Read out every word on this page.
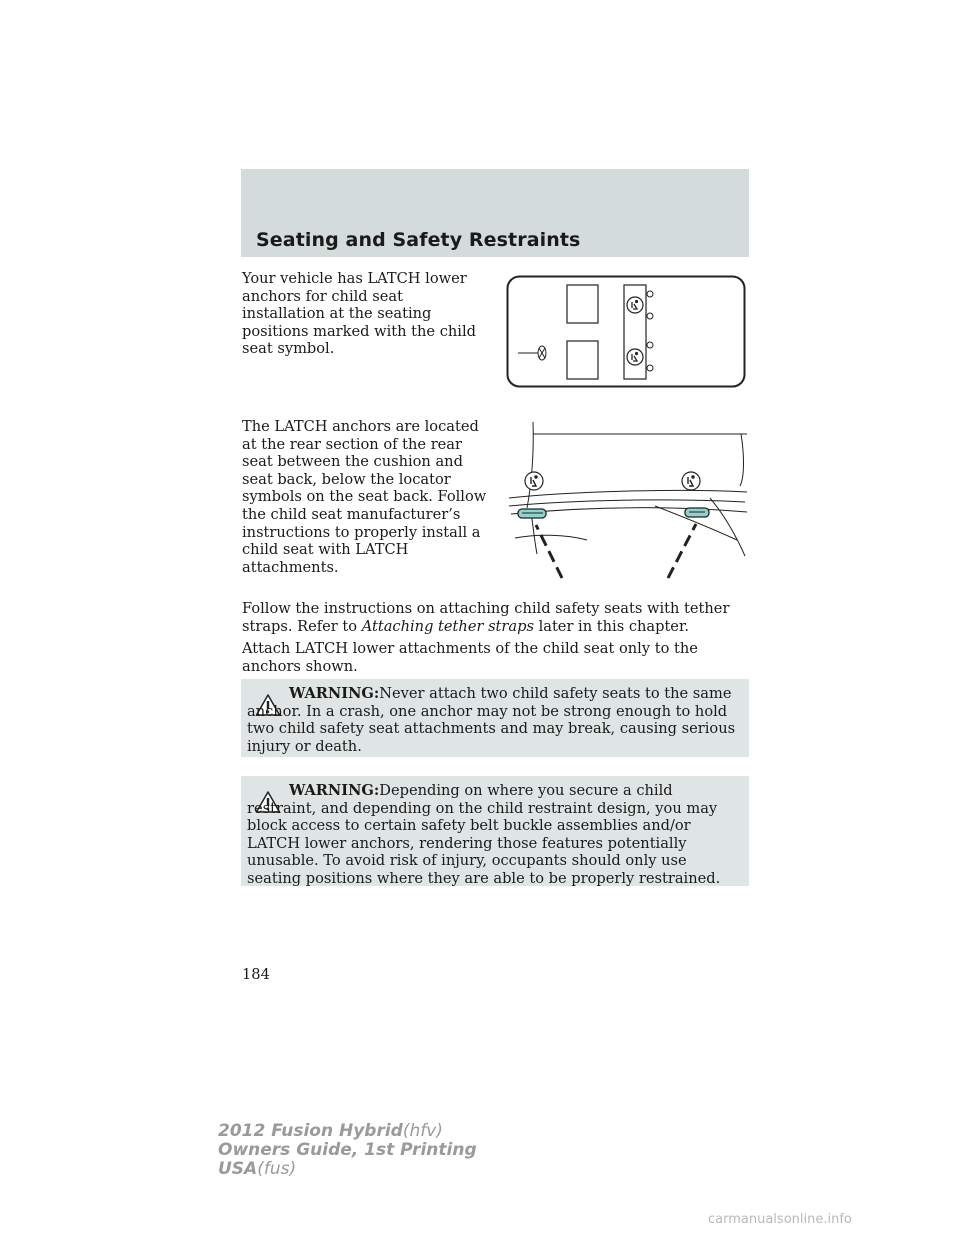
Seating and Safety Restraints

Your vehicle has LATCH lower anchors for child seat installation at the seating positions marked with the child seat symbol.

The LATCH anchors are located at the rear section of the rear seat between the cushion and seat back, below the locator symbols on the seat back. Follow the child seat manufacturer’s instructions to properly install a child seat with LATCH attachments.

Follow the instructions on attaching child safety seats with tether straps. Refer to Attaching tether straps later in this chapter.

Attach LATCH lower attachments of the child seat only to the anchors shown.

WARNING:Never attach two child safety seats to the same anchor. In a crash, one anchor may not be strong enough to hold two child safety seat attachments and may break, causing serious injury or death.

WARNING:Depending on where you secure a child restraint, and depending on the child restraint design, you may block access to certain safety belt buckle assemblies and/or LATCH lower anchors, rendering those features potentially unusable. To avoid risk of injury, occupants should only use seating positions where they are able to be properly restrained.

184
2012 Fusion Hybrid(hfv)
Owners Guide, 1st Printing
USA(fus)
carmanualsonline.info
